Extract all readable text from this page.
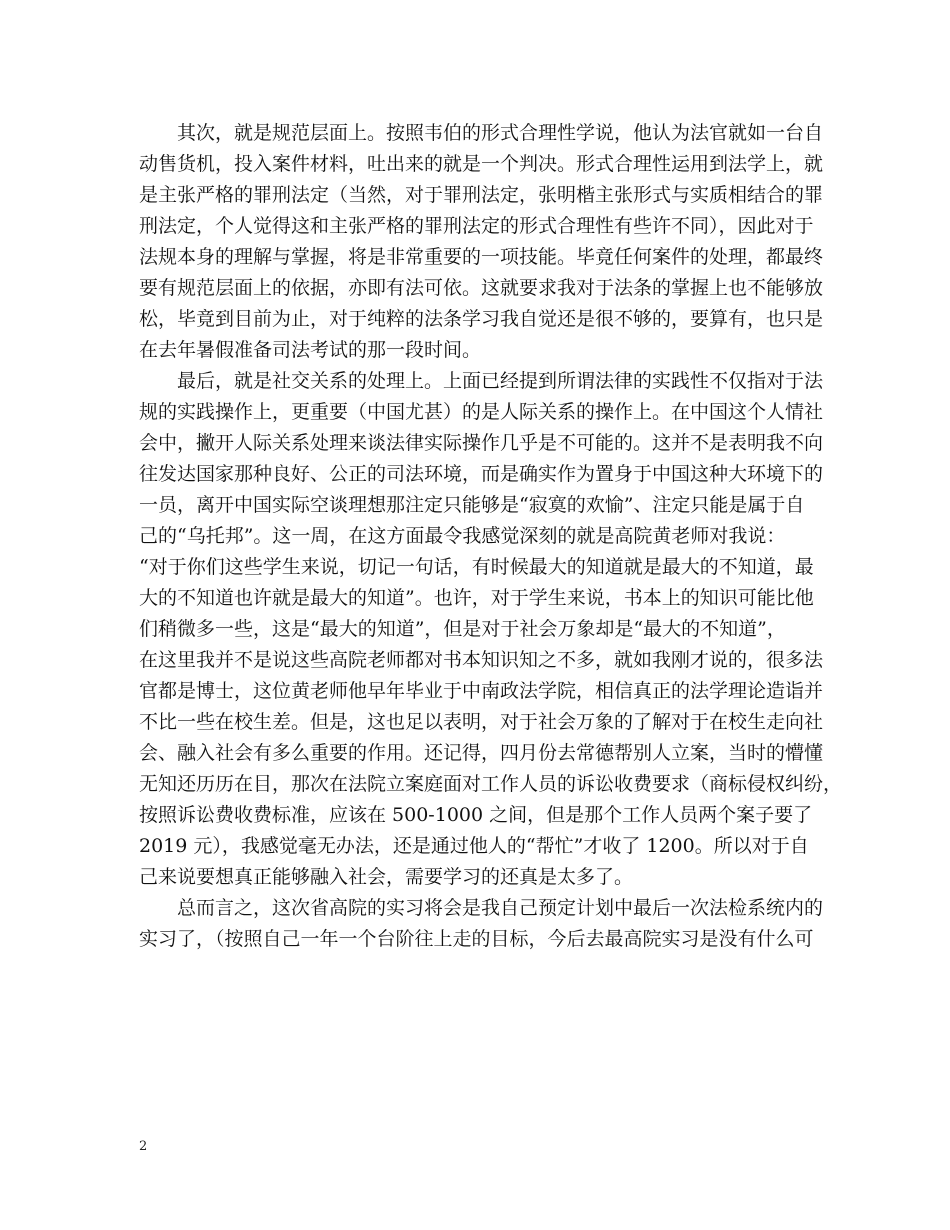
其次，就是规范层面上。按照韦伯的形式合理性学说，他认为法官就如一台自
动售货机，投入案件材料，吐出来的就是一个判决。形式合理性运用到法学上，就
是主张严格的罪刑法定（当然，对于罪刑法定，张明楷主张形式与实质相结合的罪
刑法定，个人觉得这和主张严格的罪刑法定的形式合理性有些许不同），因此对于
法规本身的理解与掌握，将是非常重要的一项技能。毕竟任何案件的处理，都最终
要有规范层面上的依据，亦即有法可依。这就要求我对于法条的掌握上也不能够放
松，毕竟到目前为止，对于纯粹的法条学习我自觉还是很不够的，要算有，也只是
在去年暑假准备司法考试的那一段时间。
最后，就是社交关系的处理上。上面已经提到所谓法律的实践性不仅指对于法
规的实践操作上，更重要（中国尤甚）的是人际关系的操作上。在中国这个人情社
会中，撇开人际关系处理来谈法律实际操作几乎是不可能的。这并不是表明我不向
往发达国家那种良好、公正的司法环境，而是确实作为置身于中国这种大环境下的
一员，离开中国实际空谈理想那注定只能够是“寂寞的欢愉”、注定只能是属于自
己的“乌托邦”。这一周，在这方面最令我感觉深刻的就是高院黄老师对我说：
“对于你们这些学生来说，切记一句话，有时候最大的知道就是最大的不知道，最
大的不知道也许就是最大的知道”。也许，对于学生来说，书本上的知识可能比他
们稍微多一些，这是“最大的知道”，但是对于社会万象却是“最大的不知道”，
在这里我并不是说这些高院老师都对书本知识知之不多，就如我刚才说的，很多法
官都是博士，这位黄老师他早年毕业于中南政法学院，相信真正的法学理论造诣并
不比一些在校生差。但是，这也足以表明，对于社会万象的了解对于在校生走向社
会、融入社会有多么重要的作用。还记得，四月份去常德帮别人立案，当时的懵懂
无知还历历在目，那次在法院立案庭面对工作人员的诉讼收费要求（商标侵权纠纷，
按照诉讼费收费标准，应该在 500-1000 之间，但是那个工作人员两个案子要了
2019 元），我感觉毫无办法，还是通过他人的“帮忙”才收了 1200。所以对于自
己来说要想真正能够融入社会，需要学习的还真是太多了。
总而言之，这次省高院的实习将会是我自己预定计划中最后一次法检系统内的
实习了，（按照自己一年一个台阶往上走的目标，今后去最高院实习是没有什么可
2
